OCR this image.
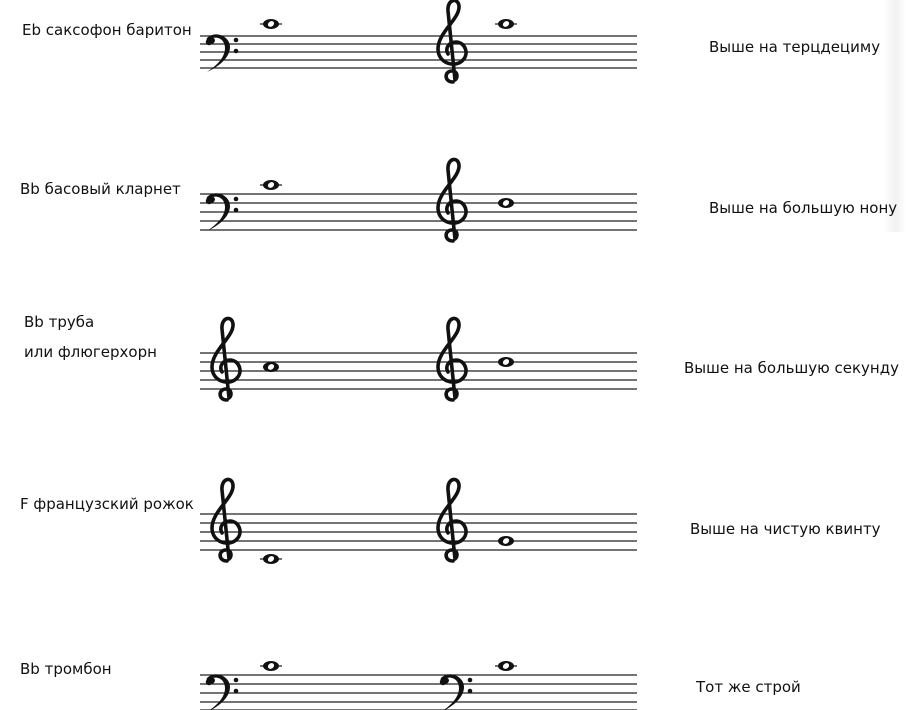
Eb саксофон баритон
Bb басовый кларнет
Bb труба
или флюгерхорн
F французский рожок
Bb тромбон
Выше на терцдециму
Выше на большую нону
Выше на большую секунду
Выше на чистую квинту
Тот же строй
